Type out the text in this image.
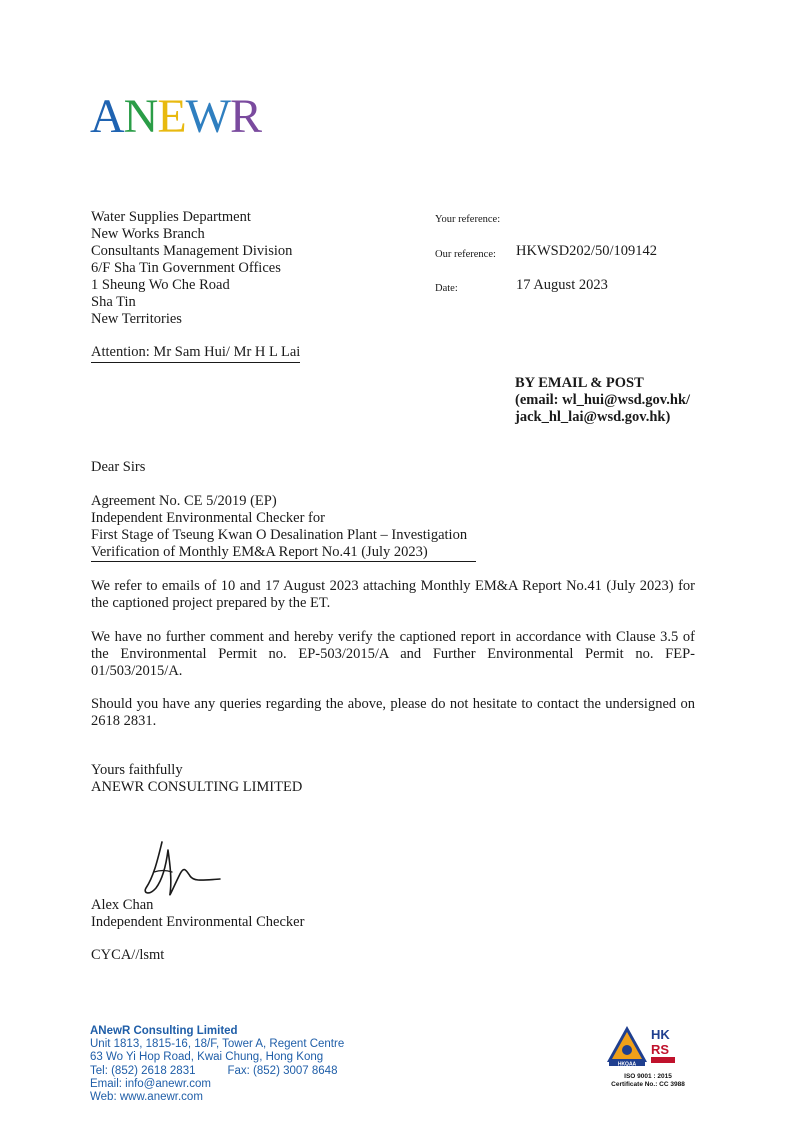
ANEWR
Water Supplies Department
New Works Branch
Consultants Management Division
6/F Sha Tin Government Offices
1 Sheung Wo Che Road
Sha Tin
New Territories
Attention: Mr Sam Hui/ Mr H L Lai
Your reference:
Our reference: HKWSD202/50/109142
Date:	17 August 2023
BY EMAIL & POST
(email: wl_hui@wsd.gov.hk/
jack_hl_lai@wsd.gov.hk)
Dear Sirs
Agreement No. CE 5/2019 (EP)
Independent Environmental Checker for
First Stage of Tseung Kwan O Desalination Plant – Investigation
Verification of Monthly EM&A Report No.41 (July 2023)
We refer to emails of 10 and 17 August 2023 attaching Monthly EM&A Report No.41 (July 2023) for the captioned project prepared by the ET.
We have no further comment and hereby verify the captioned report in accordance with Clause 3.5 of the Environmental Permit no. EP-503/2015/A and Further Environmental Permit no. FEP- 01/503/2015/A.
Should you have any queries regarding the above, please do not hesitate to contact the undersigned on 2618 2831.
Yours faithfully
ANEWR CONSULTING LIMITED
Alex Chan
Independent Environmental Checker
CYCA//lsmt
ANewR Consulting Limited
Unit 1813, 1815-16, 18/F, Tower A, Regent Centre
63 Wo Yi Hop Road, Kwai Chung, Hong Kong
Tel: (852) 2618 2831	Fax: (852) 3007 8648
Email: info@anewr.com
Web: www.anewr.com
HKQAA
HK
RS
ISO 9001 : 2015
Certificate No.: CC 3988
